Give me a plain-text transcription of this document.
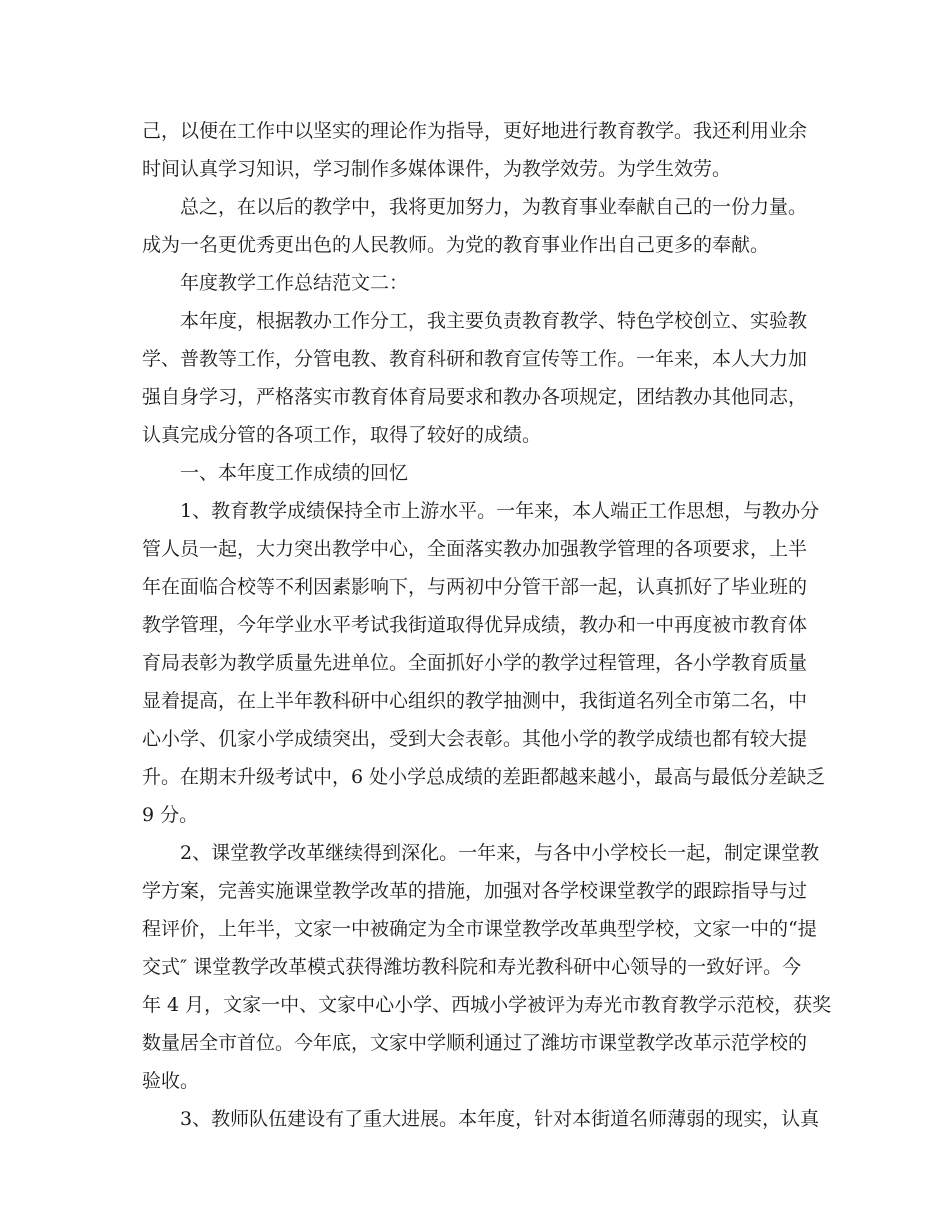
己，以便在工作中以坚实的理论作为指导，更好地进行教育教学。我还利用业余
时间认真学习知识，学习制作多媒体课件，为教学效劳。为学生效劳。
总之，在以后的教学中，我将更加努力，为教育事业奉献自己的一份力量。
成为一名更优秀更出色的人民教师。为党的教育事业作出自己更多的奉献。
年度教学工作总结范文二：
本年度，根据教办工作分工，我主要负责教育教学、特色学校创立、实验教
学、普教等工作，分管电教、教育科研和教育宣传等工作。一年来，本人大力加
强自身学习，严格落实市教育体育局要求和教办各项规定，团结教办其他同志，
认真完成分管的各项工作，取得了较好的成绩。
一、本年度工作成绩的回忆
1、教育教学成绩保持全市上游水平。一年来，本人端正工作思想，与教办分
管人员一起，大力突出教学中心，全面落实教办加强教学管理的各项要求，上半
年在面临合校等不利因素影响下，与两初中分管干部一起，认真抓好了毕业班的
教学管理，今年学业水平考试我街道取得优异成绩，教办和一中再度被市教育体
育局表彰为教学质量先进单位。全面抓好小学的教学过程管理，各小学教育质量
显着提高，在上半年教科研中心组织的教学抽测中，我街道名列全市第二名，中
心小学、仉家小学成绩突出，受到大会表彰。其他小学的教学成绩也都有较大提
升。在期末升级考试中，6 处小学总成绩的差距都越来越小，最高与最低分差缺乏
9 分。
2、课堂教学改革继续得到深化。一年来，与各中小学校长一起，制定课堂教
学方案，完善实施课堂教学改革的措施，加强对各学校课堂教学的跟踪指导与过
程评价，上年半，文家一中被确定为全市课堂教学改革典型学校，文家一中的“提
交式″ 课堂教学改革模式获得潍坊教科院和寿光教科研中心领导的一致好评。今
年 4 月，文家一中、文家中心小学、西城小学被评为寿光市教育教学示范校，获奖
数量居全市首位。今年底，文家中学顺利通过了潍坊市课堂教学改革示范学校的
验收。
3、教师队伍建设有了重大进展。本年度，针对本街道名师薄弱的现实，认真
